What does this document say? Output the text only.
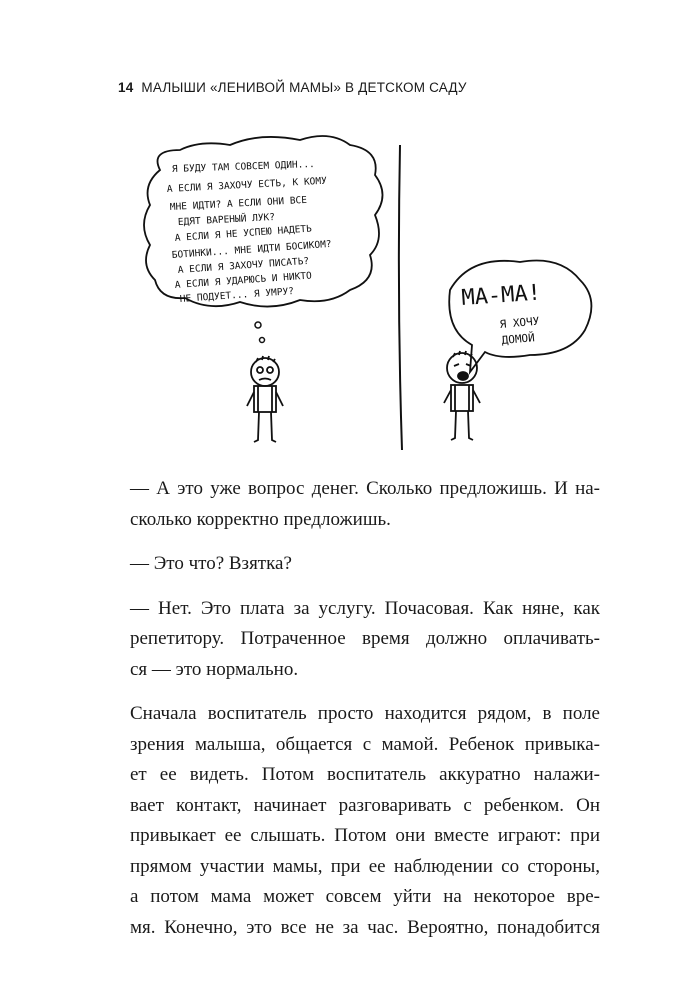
14 МАЛЫШИ «ЛЕНИВОЙ МАМЫ» В ДЕТСКОМ САДУ
Я БУДУ ТАМ СОВСЕМ ОДИН...
А ЕСЛИ Я ЗАХОЧУ ЕСТЬ, К КОМУ
МНЕ ИДТИ? А ЕСЛИ ОНИ ВСЕ
ЕДЯТ ВАРЕНЫЙ ЛУК?
А ЕСЛИ Я НЕ УСПЕЮ НАДЕТЬ
БОТИНКИ... МНЕ ИДТИ БОСИКОМ?
А ЕСЛИ Я ЗАХОЧУ ПИСАТЬ?
А ЕСЛИ Я УДАРЮСЬ И НИКТО
НЕ ПОДУЕТ... Я УМРУ?	МА-МА!
Я ХОЧУ
ДОМОЙ

— А это уже вопрос денег. Сколько предложишь. И на-
сколько корректно предложишь.

— Это что? Взятка?

— Нет. Это плата за услугу. Почасовая. Как няне, как
репетитору. Потраченное время должно оплачивать-
ся — это нормально.

Сначала воспитатель просто находится рядом, в поле
зрения малыша, общается с мамой. Ребенок привыка-
ет ее видеть. Потом воспитатель аккуратно налажи-
вает контакт, начинает разговаривать с ребенком. Он
привыкает ее слышать. Потом они вместе играют: при
прямом участии мамы, при ее наблюдении со стороны,
а потом мама может совсем уйти на некоторое вре-
мя. Конечно, это все не за час. Вероятно, понадобится
